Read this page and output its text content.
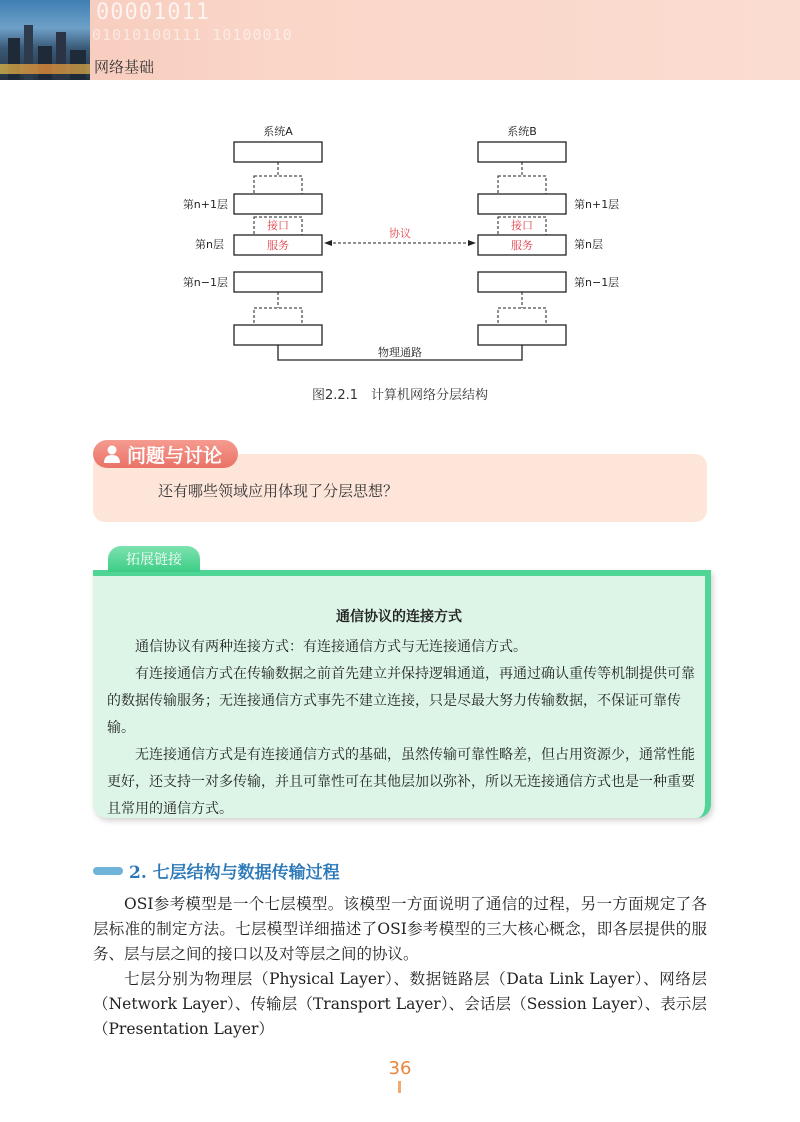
00001011
01010100111 10100010
网络基础
系统A	系统B
第n+1层
第n层
第n−1层
第n+1层
第n层
第n−1层
接口
服务
接口
服务
协议
物理通路
图2.2.1　计算机网络分层结构
问题与讨论
还有哪些领域应用体现了分层思想？
通信协议的连接方式

通信协议有两种连接方式：有连接通信方式与无连接通信方式。

有连接通信方式在传输数据之前首先建立并保持逻辑通道，再通过确认重传等机制提供可靠的数据传输服务；无连接通信方式事先不建立连接，只是尽最大努力传输数据，不保证可靠传输。

无连接通信方式是有连接通信方式的基础，虽然传输可靠性略差，但占用资源少，通常性能更好，还支持一对多传输，并且可靠性可在其他层加以弥补，所以无连接通信方式也是一种重要且常用的通信方式。

拓展链接
2. 七层结构与数据传输过程

OSI参考模型是一个七层模型。该模型一方面说明了通信的过程，另一方面规定了各层标准的制定方法。七层模型详细描述了OSI参考模型的三大核心概念，即各层提供的服务、层与层之间的接口以及对等层之间的协议。

七层分别为物理层（Physical Layer）、数据链路层（Data Link Layer）、网络层（Network Layer）、传输层（Transport Layer）、会话层（Session Layer）、表示层（Presentation Layer）

36
